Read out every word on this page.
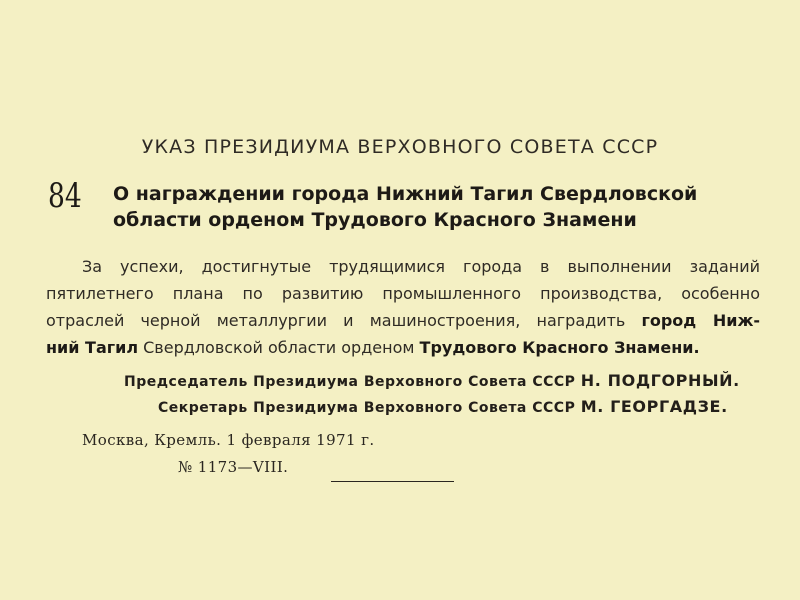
УКАЗ ПРЕЗИДИУМА ВЕРХОВНОГО СОВЕТА СССР
84 О награждении города Нижний Тагил Свердловской
области орденом Трудового Красного Знамени
За успехи, достигнутые трудящимися города в выполнении заданий
пятилетнего плана по развитию промышленного производства, особенно
отраслей черной металлургии и машиностроения, наградить город Ниж-
ний Тагил Свердловской области орденом Трудового Красного Знамени.
Председатель Президиума Верховного Совета СССР Н. ПОДГОРНЫЙ.
Секретарь Президиума Верховного Совета СССР М. ГЕОРГАДЗЕ.
Москва, Кремль. 1 февраля 1971 г.
№ 1173—VIII.
